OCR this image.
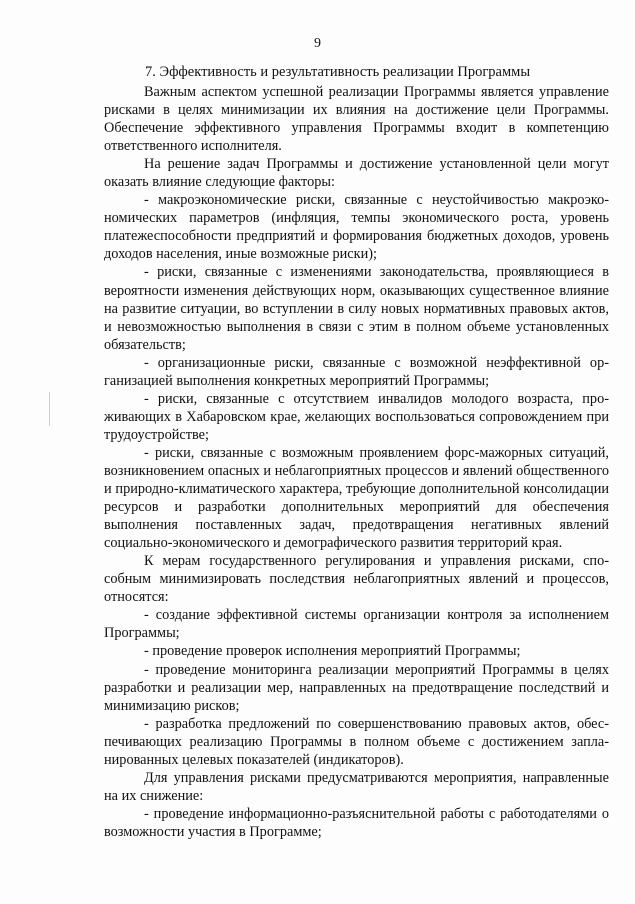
9
7. Эффективность и результативность реализации Программы

Важным аспектом успешной реализации Программы является управление рисками в целях минимизации их влияния на достижение цели Программы. Обеспечение эффективного управления Программы входит в компетенцию ответственного исполнителя.

На решение задач Программы и достижение установленной цели могут оказать влияние следующие факторы:

- макроэкономические риски, связанные с неустойчивостью макроэкономических параметров (инфляция, темпы экономического роста, уровень платежеспособности предприятий и формирования бюджетных доходов, уровень доходов населения, иные возможные риски);

- риски, связанные с изменениями законодательства, проявляющиеся в вероятности изменения действующих норм, оказывающих существенное влияние на развитие ситуации, во вступлении в силу новых нормативных правовых актов, и невозможностью выполнения в связи с этим в полном объеме установленных обязательств;

- организационные риски, связанные с возможной неэффективной организацией выполнения конкретных мероприятий Программы;

- риски, связанные с отсутствием инвалидов молодого возраста, проживающих в Хабаровском крае, желающих воспользоваться сопровождением при трудоустройстве;

- риски, связанные с возможным проявлением форс-мажорных ситуаций, возникновением опасных и неблагоприятных процессов и явлений общественного и природно-климатического характера, требующие дополнительной консолидации ресурсов и разработки дополнительных мероприятий для обеспечения выполнения поставленных задач, предотвращения негативных явлений социально-экономического и демографического развития территорий края.

К мерам государственного регулирования и управления рисками, способным минимизировать последствия неблагоприятных явлений и процессов, относятся:

- создание эффективной системы организации контроля за исполнением Программы;

- проведение проверок исполнения мероприятий Программы;

- проведение мониторинга реализации мероприятий Программы в целях разработки и реализации мер, направленных на предотвращение последствий и минимизацию рисков;

- разработка предложений по совершенствованию правовых актов, обеспечивающих реализацию Программы в полном объеме с достижением запланированных целевых показателей (индикаторов).

Для управления рисками предусматриваются мероприятия, направленные на их снижение:

- проведение информационно-разъяснительной работы с работодателями о возможности участия в Программе;
